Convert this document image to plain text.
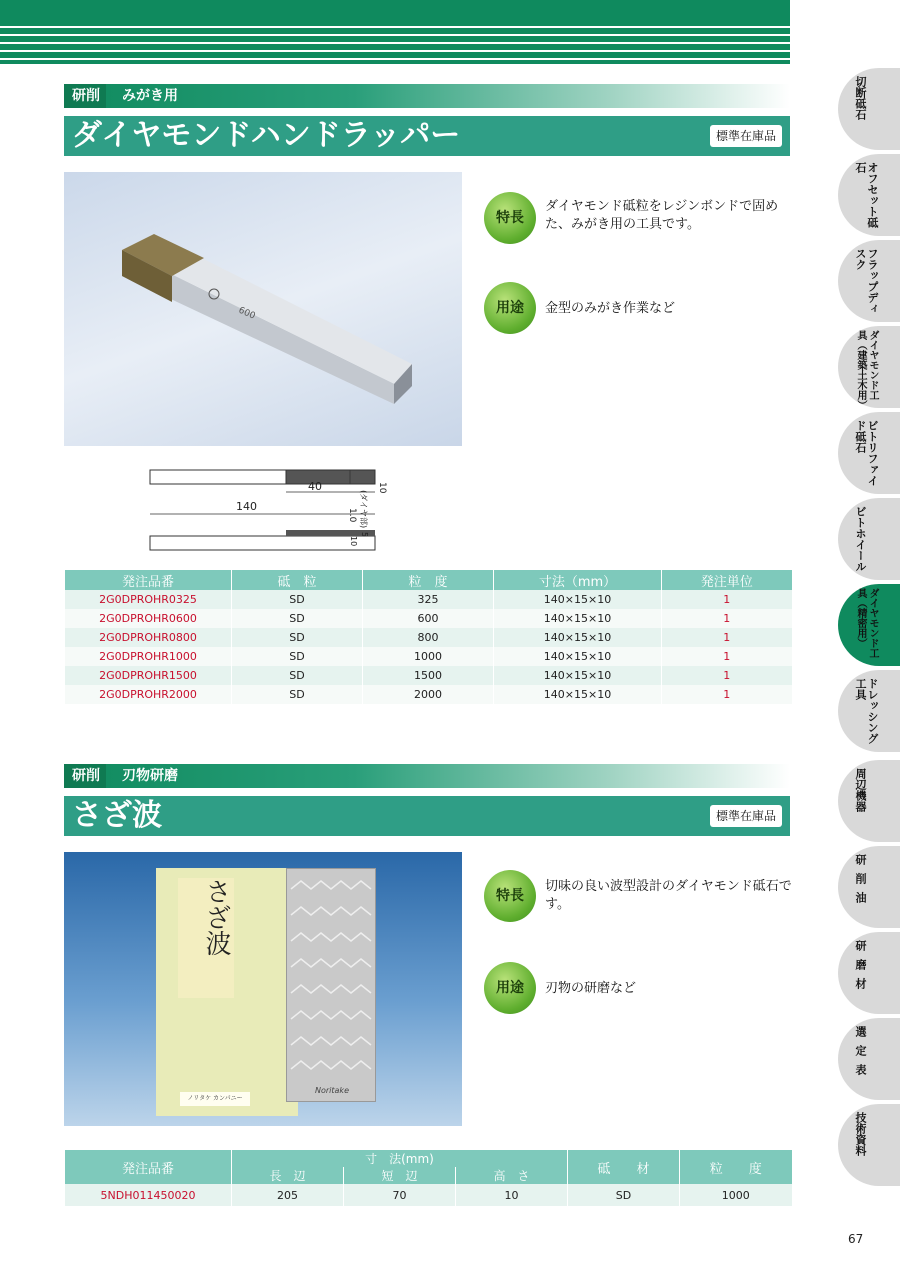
切断砥石
オフセット砥石
フラップディスク
ダイヤモンド工具（建築土木用）
ビトリファイド砥石
ビトホイール
ダイヤモンド工具（精密用）
ドレッシング工具
周辺機器
研削油
研磨材
選定表
技術資料
研削	みがき用
ダイヤモンドハンドラッパー	標準在庫品
600
特長
ダイヤモンド砥粒をレジンボンドで固めた、みがき用の工具です。
用途	金型のみがき作業など
40
140
10
(ダイヤ部)
1.0
5
10
発注品番	砥　粒	粒　度	寸法（mm）	発注単位
2G0DPROHR0325	SD	325	140×15×10	1
2G0DPROHR0600	SD	600	140×15×10	1
2G0DPROHR0800	SD	800	140×15×10	1
2G0DPROHR1000	SD	1000	140×15×10	1
2G0DPROHR1500	SD	1500	140×15×10	1
2G0DPROHR2000	SD	2000	140×15×10	1
研削	刃物研磨
さざ波	標準在庫品
さざ波
ノリタケ カンパニー
Noritake
特長
切味の良い波型設計のダイヤモンド砥石です。
用途	刃物の研磨など
発注品番	寸　法(mm)			砥　　材	粒　　度
	長　辺	短　辺	高　さ		
5NDH011450020	205	70	10	SD	1000
67
